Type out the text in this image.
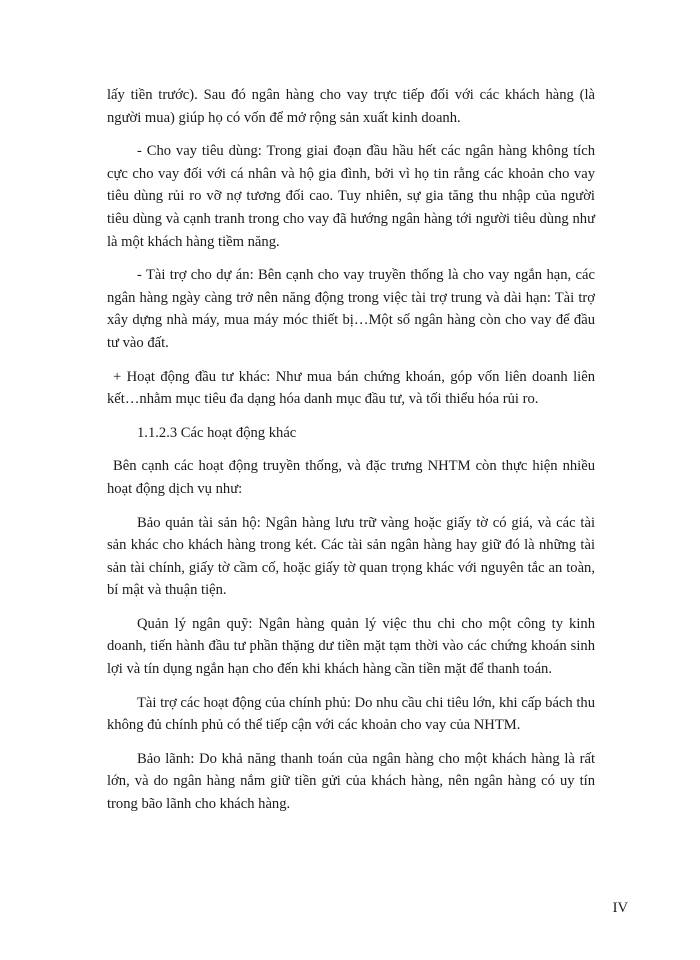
lấy tiền trước). Sau đó ngân hàng cho vay trực tiếp đối với các khách hàng (là người mua) giúp họ có vốn để mở rộng sản xuất kinh doanh.

- Cho vay tiêu dùng: Trong giai đoạn đầu hầu hết các ngân hàng không tích cực cho vay đối với cá nhân và hộ gia đình, bởi vì họ tin rằng các khoản cho vay tiêu dùng rủi ro vỡ nợ tương đối cao. Tuy nhiên, sự gia tăng thu nhập của người tiêu dùng và cạnh tranh trong cho vay đã hướng ngân hàng tới người tiêu dùng như là một khách hàng tiềm năng.

- Tài trợ cho dự án: Bên cạnh cho vay truyền thống là cho vay ngắn hạn, các ngân hàng ngày càng trở nên năng động trong việc tài trợ trung và dài hạn: Tài trợ xây dựng nhà máy, mua máy móc thiết bị…Một số ngân hàng còn cho vay để đầu tư vào đất.

+ Hoạt động đầu tư khác: Như mua bán chứng khoán, góp vốn liên doanh liên kết…nhằm mục tiêu đa dạng hóa danh mục đầu tư, và tối thiểu hóa rủi ro.

1.1.2.3 Các hoạt động khác

Bên cạnh các hoạt động truyền thống, và đặc trưng NHTM còn thực hiện nhiều hoạt động dịch vụ như:

Bảo quản tài sản hộ: Ngân hàng lưu trữ vàng hoặc giấy tờ có giá, và các tài sản khác cho khách hàng trong két. Các tài sản ngân hàng hay giữ đó là những tài sản tài chính, giấy tờ cầm cố, hoặc giấy tờ quan trọng khác với nguyên tắc an toàn, bí mật và thuận tiện.

Quản lý ngân quỹ: Ngân hàng quản lý việc thu chi cho một công ty kinh doanh, tiến hành đầu tư phần thặng dư tiền mặt tạm thời vào các chứng khoán sinh lợi và tín dụng ngắn hạn cho đến khi khách hàng cần tiền mặt để thanh toán.

Tài trợ các hoạt động của chính phủ: Do nhu cầu chi tiêu lớn, khi cấp bách thu không đủ chính phủ có thể tiếp cận với các khoản cho vay của NHTM.

Bảo lãnh: Do khả năng thanh toán của ngân hàng cho một khách hàng là rất lớn, và do ngân hàng nắm giữ tiền gửi của khách hàng, nên ngân hàng có uy tín trong bão lãnh cho khách hàng.

IV
